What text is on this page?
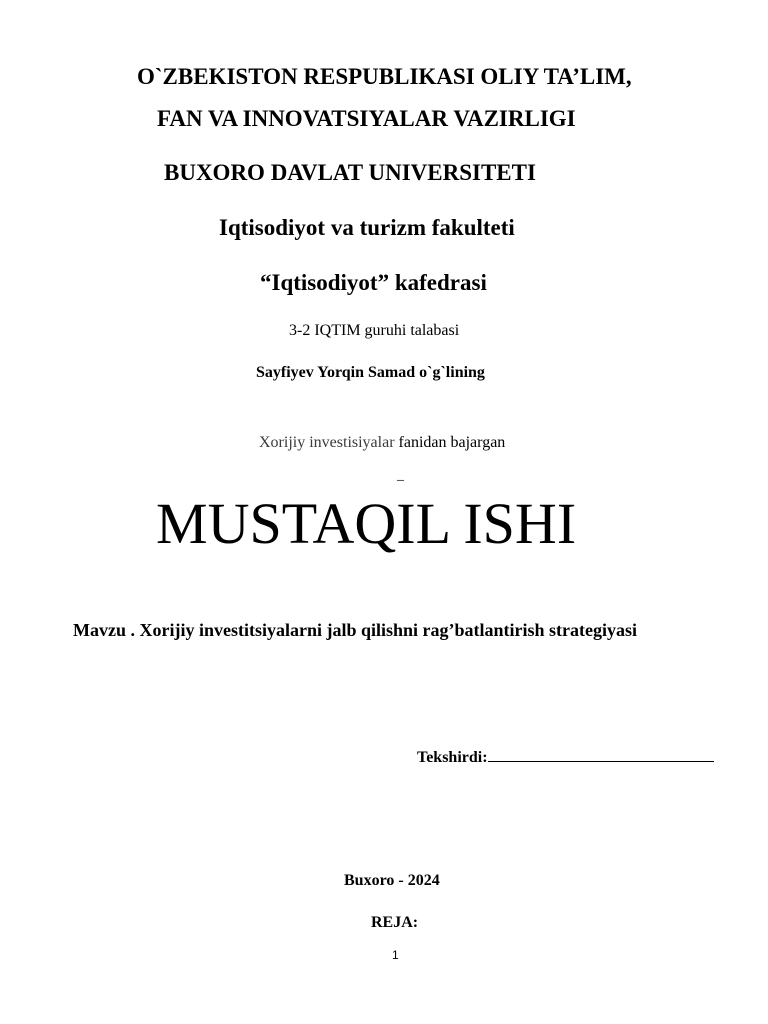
O`ZBEKISTON RESPUBLIKASI OLIY TA’LIM,
FAN VA INNOVATSIYALAR VAZIRLIGI
BUXORO DAVLAT UNIVERSITETI
Iqtisodiyot va turizm fakulteti
“Iqtisodiyot” kafedrasi
3-2 IQTIM guruhi talabasi
Sayfiyev Yorqin Samad o`g`lining
Xorijiy investisiyalar fanidan bajargan
_
MUSTAQIL ISHI
Mavzu . Xorijiy investitsiyalarni jalb qilishni rag’batlantirish strategiyasi
Tekshirdi:
Buxoro - 2024
REJA:
1
